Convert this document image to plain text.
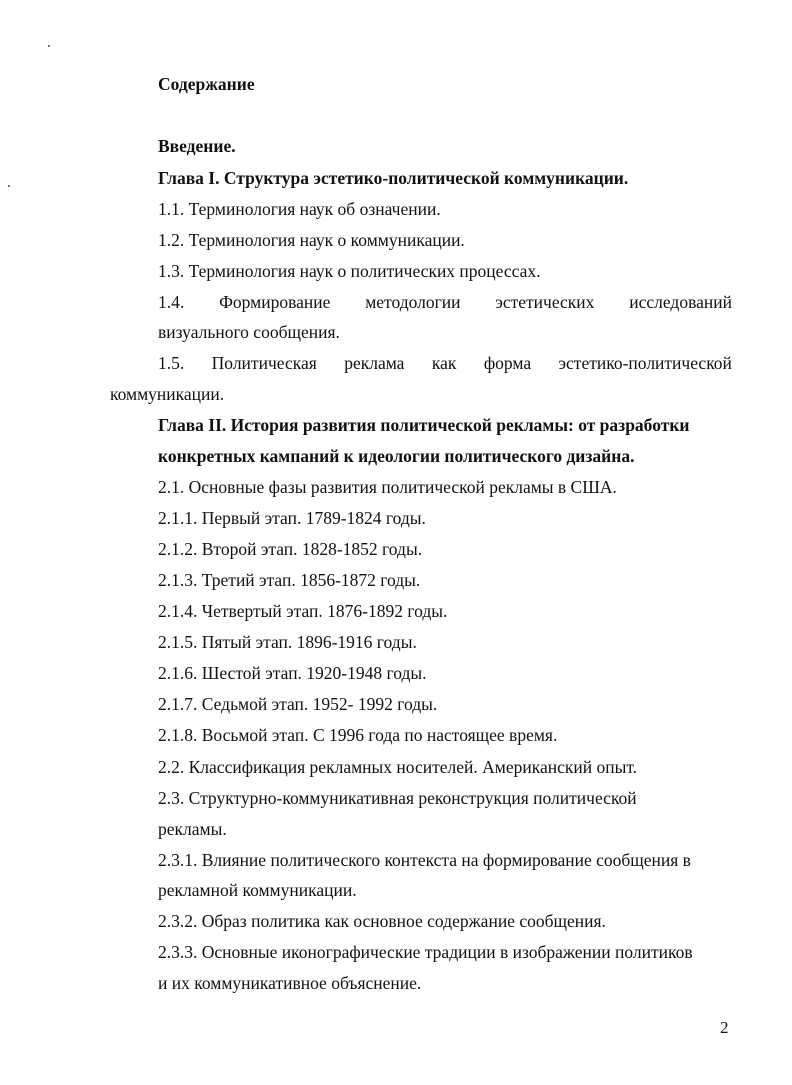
Содержание
Введение.
Глава I. Структура эстетико-политической коммуникации.
1.1. Терминология наук об означении.
1.2. Терминология наук о коммуникации.
1.3. Терминология наук о политических процессах.
1.4. Формирование методологии эстетических исследований
визуального сообщения.
1.5. Политическая реклама как форма эстетико-политической
коммуникации.
Глава II. История развития политической рекламы: от разработки
конкретных кампаний к идеологии политического дизайна.
2.1. Основные фазы развития политической рекламы в США.
2.1.1. Первый этап. 1789-1824 годы.
2.1.2. Второй этап. 1828-1852 годы.
2.1.3. Третий этап. 1856-1872 годы.
2.1.4. Четвертый этап. 1876-1892 годы.
2.1.5. Пятый этап. 1896-1916 годы.
2.1.6. Шестой этап. 1920-1948 годы.
2.1.7. Седьмой этап. 1952- 1992 годы.
2.1.8. Восьмой этап. С 1996 года по настоящее время.
2.2. Классификация рекламных носителей. Американский опыт.
2.3. Структурно-коммуникативная реконструкция политической
рекламы.
2.3.1. Влияние политического контекста на формирование сообщения в
рекламной коммуникации.
2.3.2. Образ политика как основное содержание сообщения.
2.3.3. Основные иконографические традиции в изображении политиков
и их коммуникативное объяснение.
2
